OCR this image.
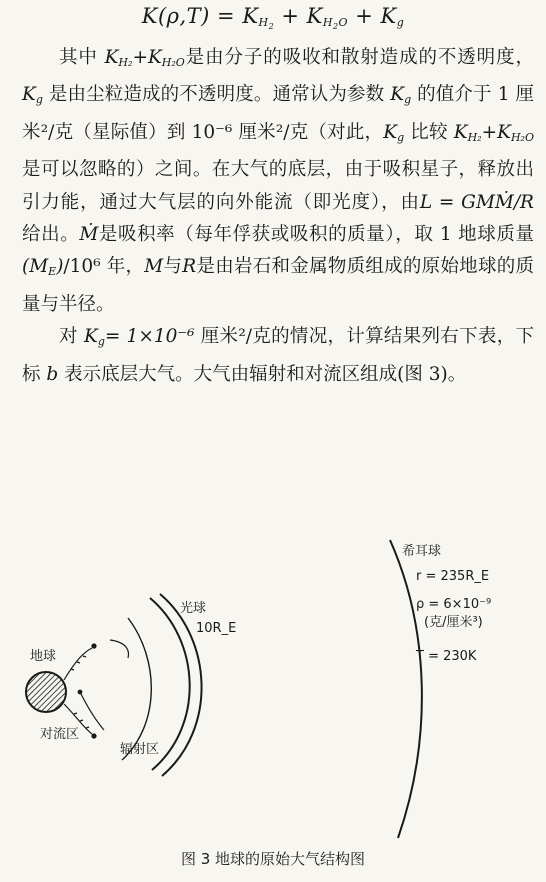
$K(\rho,T) = K_{H_2} + K_{H_2O} + K_g$

其中 $K_{H_2}+K_{H_2O}$是由分子的吸收和散射造成的不透明度，$K_g$ 是由尘粒造成的不透明度。通常认为参数 $K_g$ 的值介于 1 厘米²/克（星际值）到 10⁻⁶ 厘米²/克（对此，$K_g$ 比较 $K_{H_2}+K_{H_2O}$是可以忽略的）之间。在大气的底层，由于吸积星子，释放出引力能，通过大气层的向外能流（即光度），由L = GMṀ/R 给出。Ṁ是吸积率（每年俘获或吸积的质量），取 1 地球质量$(M_E)/10^6$ 年，M与R是由岩石和金属物质组成的原始地球的质量与半径。

对 $K_g= 1\times 10^{-6}$ 厘米²/克的情况，计算结果列右下表，下标 b 表示底层大气。大气由辐射和对流区组成(图 3)。

地球
对流区
辐射区
光球
10R_E
希耳球
r = 235R_E
ρ = 6×10⁻⁹
(克/厘米³)
T = 230K
图 3 地球的原始大气结构图
